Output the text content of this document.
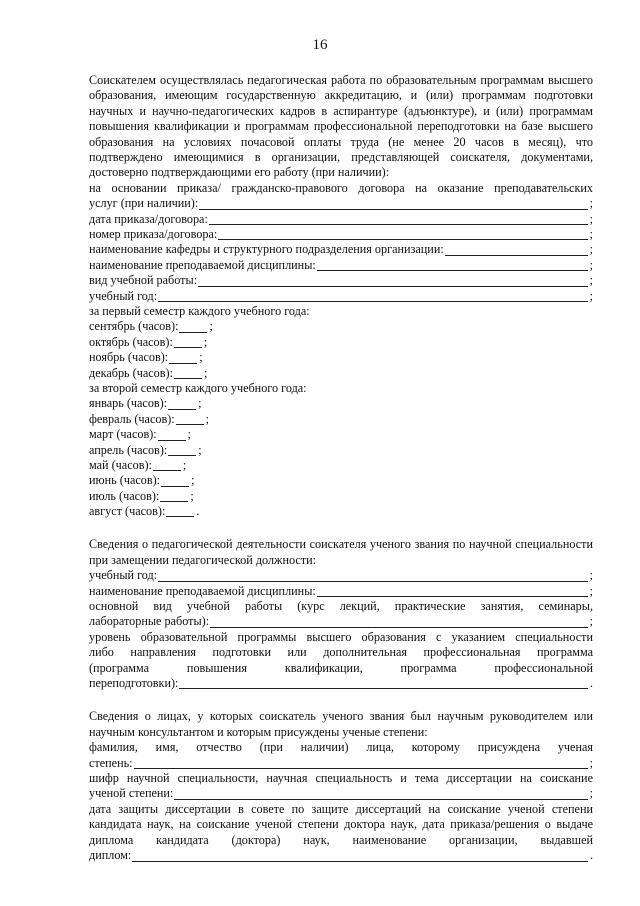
16

Соискателем осуществлялась педагогическая работа по образовательным программам высшего образования, имеющим государственную аккредитацию, и (или) программам подготовки научных и научно-педагогических кадров в аспирантуре (адъюнктуре), и (или) программам повышения квалификации и программам профессиональной переподготовки на базе высшего образования на условиях почасовой оплаты труда (не менее 20 часов в месяц), что подтверждено имеющимися в организации, представляющей соискателя, документами, достоверно подтверждающими его работу (при наличии):

на основании приказа/ гражданско-правового договора на оказание преподавательских

услуг (при наличии):	;
дата приказа/договора:	;
номер приказа/договора:	;
наименование кафедры и структурного подразделения организации:	;
наименование преподаваемой дисциплины:	;
вид учебной работы:	;
учебный год:	;
за первый семестр каждого учебного года:
сентябрь (часов):	;
октябрь (часов):	;
ноябрь (часов):	;
декабрь (часов):	;
за второй семестр каждого учебного года:
январь (часов):	;
февраль (часов):	;
март (часов):	;
апрель (часов):	;
май (часов):	;
июнь (часов):	;
июль (часов):	;
август (часов):	.

Сведения о педагогической деятельности соискателя ученого звания по научной специальности при замещении педагогической должности:

учебный год:	;
наименование преподаваемой дисциплины:	;

основной вид учебной работы (курс лекций, практические занятия, семинары,

лабораторные работы):	;

уровень образовательной программы высшего образования с указанием специальности

либо направления подготовки или дополнительная профессиональная программа

(программа повышения квалификации, программа профессиональной

переподготовки):	.

Сведения о лицах, у которых соискатель ученого звания был научным руководителем или научным консультантом и которым присуждены ученые степени:

фамилия, имя, отчество (при наличии) лица, которому присуждена ученая

степень:	;

шифр научной специальности, научная специальность и тема диссертации на соискание

ученой степени:	;

дата защиты диссертации в совете по защите диссертаций на соискание ученой степени

кандидата наук, на соискание ученой степени доктора наук, дата приказа/решения о выдаче

диплома кандидата (доктора) наук, наименование организации, выдавшей

диплом:	.
